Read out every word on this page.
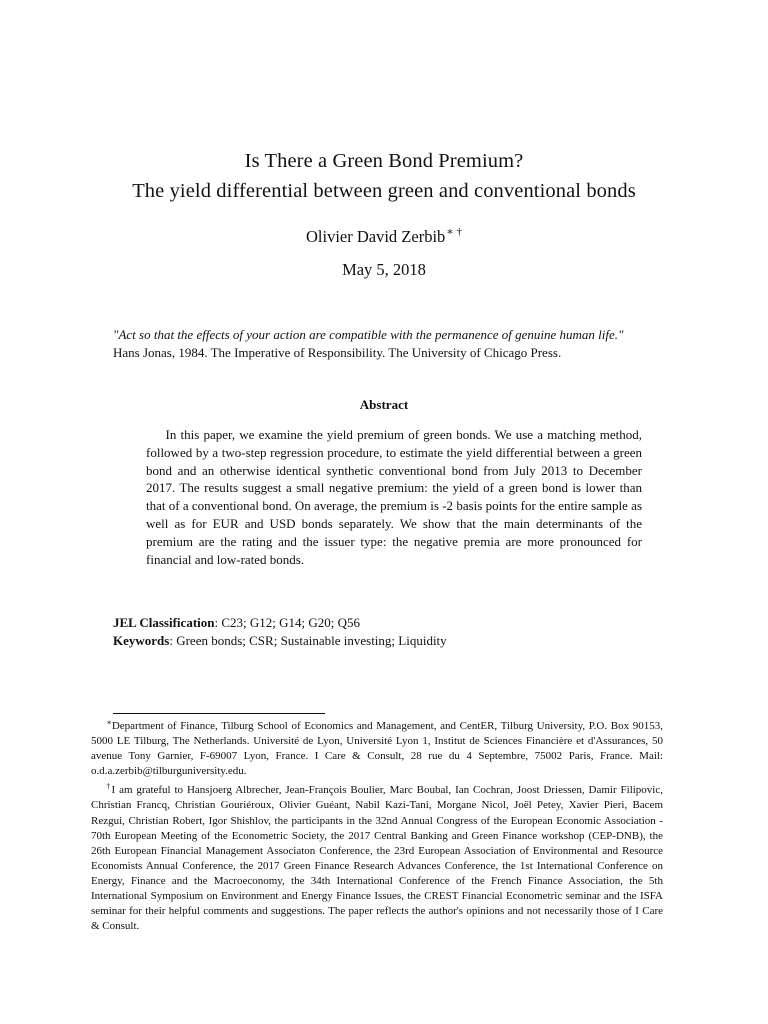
Is There a Green Bond Premium?
The yield differential between green and conventional bonds
Olivier David Zerbib∗ †
May 5, 2018
"Act so that the effects of your action are compatible with the permanence of genuine human life."
Hans Jonas, 1984. The Imperative of Responsibility. The University of Chicago Press.
Abstract
In this paper, we examine the yield premium of green bonds. We use a matching method, followed by a two-step regression procedure, to estimate the yield differential between a green bond and an otherwise identical synthetic conventional bond from July 2013 to December 2017. The results suggest a small negative premium: the yield of a green bond is lower than that of a conventional bond. On average, the premium is -2 basis points for the entire sample as well as for EUR and USD bonds separately. We show that the main determinants of the premium are the rating and the issuer type: the negative premia are more pronounced for financial and low-rated bonds.
JEL Classification: C23; G12; G14; G20; Q56
Keywords: Green bonds; CSR; Sustainable investing; Liquidity

∗Department of Finance, Tilburg School of Economics and Management, and CentER, Tilburg University, P.O. Box 90153, 5000 LE Tilburg, The Netherlands. Université de Lyon, Université Lyon 1, Institut de Sciences Financière et d'Assurances, 50 avenue Tony Garnier, F-69007 Lyon, France. I Care & Consult, 28 rue du 4 Septembre, 75002 Paris, France. Mail: o.d.a.zerbib@tilburguniversity.edu.

†I am grateful to Hansjoerg Albrecher, Jean-François Boulier, Marc Boubal, Ian Cochran, Joost Driessen, Damir Filipovic, Christian Francq, Christian Gouriéroux, Olivier Guéant, Nabil Kazi-Tani, Morgane Nicol, Joël Petey, Xavier Pieri, Bacem Rezgui, Christian Robert, Igor Shishlov, the participants in the 32nd Annual Congress of the European Economic Association - 70th European Meeting of the Econometric Society, the 2017 Central Banking and Green Finance workshop (CEP-DNB), the 26th European Financial Management Associaton Conference, the 23rd European Association of Environmental and Resource Economists Annual Conference, the 2017 Green Finance Research Advances Conference, the 1st International Conference on Energy, Finance and the Macroeconomy, the 34th International Conference of the French Finance Association, the 5th International Symposium on Environment and Energy Finance Issues, the CREST Financial Econometric seminar and the ISFA seminar for their helpful comments and suggestions. The paper reflects the author's opinions and not necessarily those of I Care & Consult.
